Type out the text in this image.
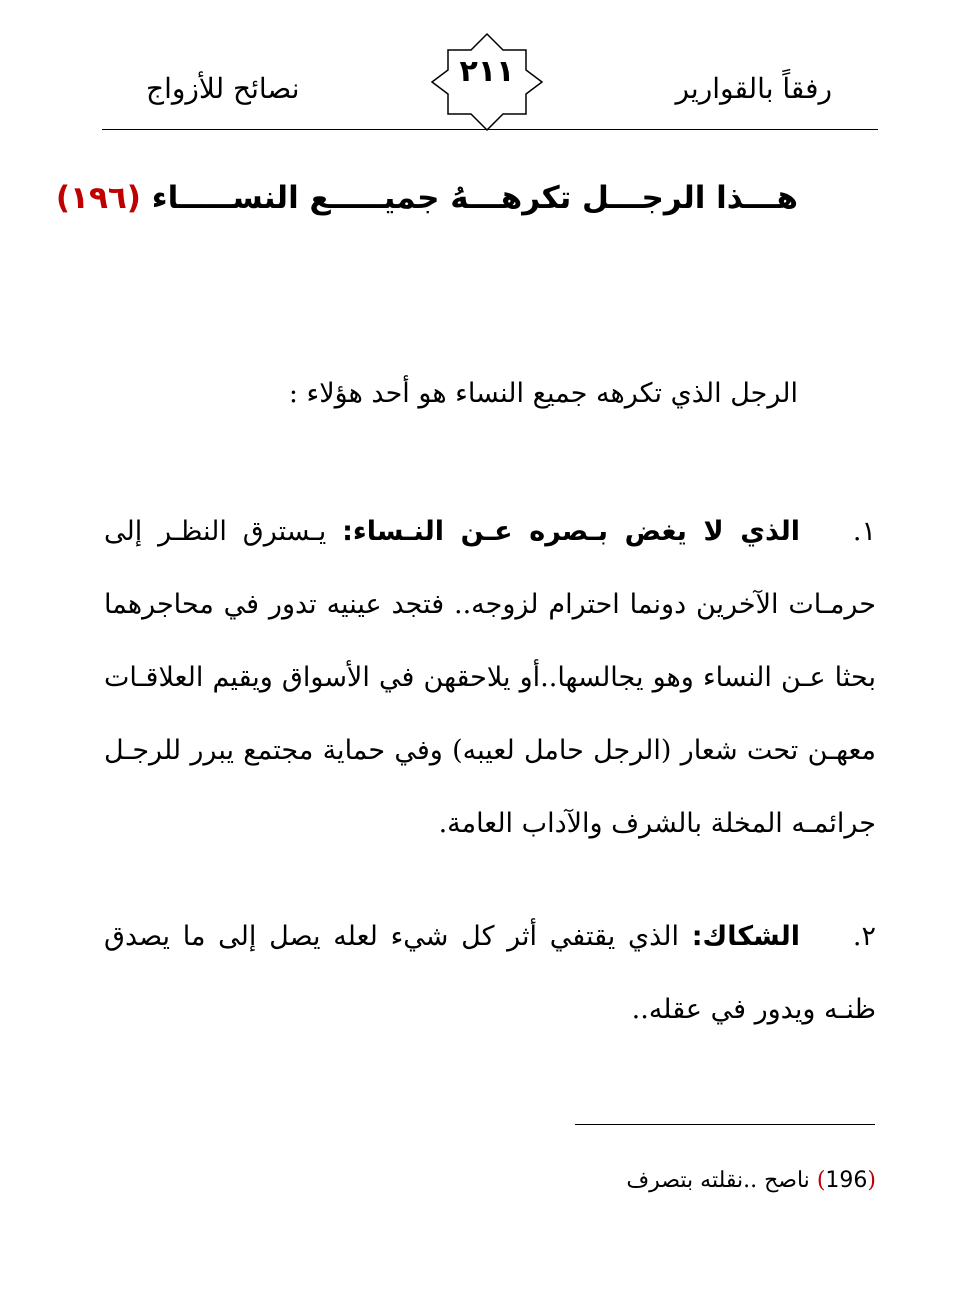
رفقاً بالقوارير
٢١١
نصائح للأزواج
هـــذا الرجـــل تكرهـــهُ جميـــــع النســـــاء (١٩٦)
الرجل الذي تكرهه جميع النساء هو أحد هؤلاء :
١.الذي لا يغض بـصره عـن النـساء: يـسترق النظـر إلى حرمـات الآخرين دونما احترام لزوجه.. فتجد عينيه تدور في محاجرهما بحثا عـن النساء وهو يجالسها..أو يلاحقهن في الأسواق ويقيم العلاقـات معهـن تحت شعار (الرجل حامل لعيبه) وفي حماية مجتمع يبرر للرجـل جرائمـه المخلة بالشرف والآداب العامة.
٢.الشكاك: الذي يقتفي أثر كل شيء لعله يصل إلى ما يصدق ظنـه ويدور في عقله..
(196) ناصح ..نقلته بتصرف
